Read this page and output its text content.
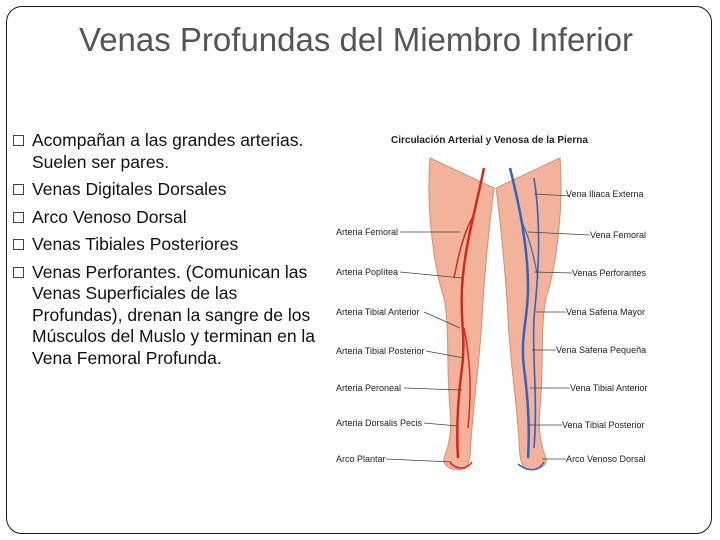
Venas Profundas del Miembro Inferior
Acompañan a las grandes arterias. Suelen ser pares.
Venas Digitales Dorsales
Arco Venoso Dorsal
Venas Tibiales Posteriores
Venas Perforantes. (Comunican las Venas Superficiales de las Profundas), drenan la sangre de los Músculos del Muslo y terminan en la Vena Femoral Profunda.
Circulación Arterial y Venosa de la Pierna
Arteria Femoral
Arteria Poplítea
Arteria Tibial Anterior
Arteria Tibial Posterior
Arteria Peroneal
Arteria Dorsalis Pecis
Arco Plantar
Vena Iliaca Externa
Vena Femoral
Venas Perforantes
Vena Safena Mayor
Vena Safena Pequeña
Vena Tibial Anterior
Vena Tibial Posterior
Arco Venoso Dorsal
